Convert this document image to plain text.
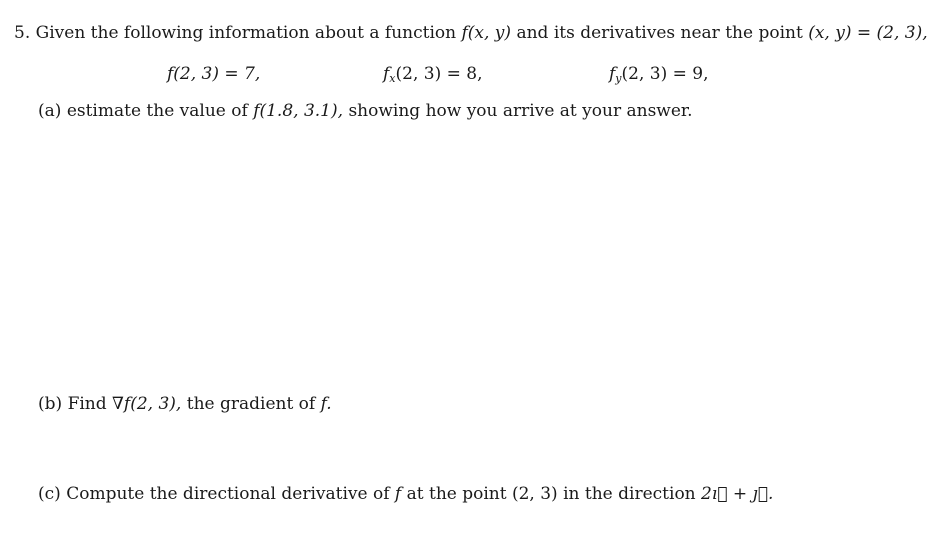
5. Given the following information about a function f(x, y) and its derivatives near the point (x, y) = (2, 3),
f(2, 3) = 7,	$f_x(2$, 3) = 8,	$f_y(2$, 3) = 9,
(a) estimate the value of f(1.8, 3.1), showing how you arrive at your answer.
(b) Find ∇f(2, 3), the gradient of f.
(c) Compute the directional derivative of f at the point (2, 3) in the direction 2ı⃗ + ȷ⃗.
